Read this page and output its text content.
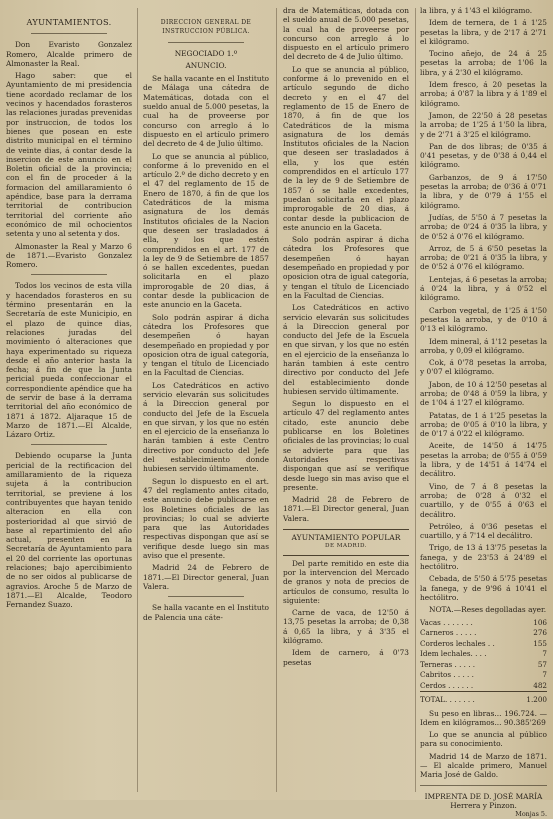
AYUNTAMIENTOS.

Don Evaristo Gonzalez Romero, Alcalde primero de Almonaster la Real.

Hago saber: que el Ayuntamiento de mi presidencia tiene acordado reclamar de los vecinos y hacendados forasteros las relaciones juradas prevenidas por instruccion, de todos los bienes que posean en este distrito municipal en el término de veinte dias, á contar desde la insercion de este anuncio en el Boletin oficial de la provincia; con el fin de proceder á la formacion del amillaramiento ó apéndice, base para la derrama territorial de contribucion territorial del corriente año económico de mil ochocientos setenta y uno al setenta y dos.

Almonaster la Real y Marzo 6 de 1871.—Evaristo Gonzalez Romero.

Todos los vecinos de esta villa y hacendados forasteros en su término presentarán en la Secretaría de este Municipio, en el plazo de quince dias, relaciones juradas del movimiento ó alteraciones que haya experimentado su riqueza desde el año anterior hasta la fecha; á fin de que la Junta pericial pueda confeccionar el correspondiente apéndice que ha de servir de base á la derrama territorial del año económico de 1871 á 1872. Aljaraque 15 de Marzo de 1871.—El Alcalde, Lázaro Ortiz.

Debiendo ocuparse la Junta pericial de la rectificacion del amillaramiento de la riqueza sujeta á la contribucion territorial, se previene á los contribuyentes que hayan tenido alteracion en ella con posterioridad al que sirvió de base al repartimiento del año actual, presenten en la Secretaría de Ayuntamiento para el 20 del corriente las oportunas relaciones; bajo apercibimiento de no ser oidos al publicarse de agravios. Aroche 5 de Marzo de 1871.—El Alcalde, Teodoro Fernandez Suazo.

DIRECCION GENERAL DE INSTRUCCION PÚBLICA.
NEGOCIADO 1.º
ANUNCIO.

Se halla vacante en el Instituto de Málaga una cátedra de Matemáticas, dotada con el sueldo anual de 5.000 pesetas, la cual ha de proveerse por concurso con arreglo á lo dispuesto en el artículo primero del decreto de 4 de Julio último.

Lo que se anuncia al público, conforme á lo prevenido en el artículo 2.º de dicho decreto y en el 47 del reglamento de 15 de Enero de 1870, á fin de que los Catedráticos de la misma asignatura de los demás Institutos oficiales de la Nacion que deseen ser trasladados á ella, y los que estén comprendidos en el art. 177 de la ley de 9 de Setiembre de 1857 ó se hallen excedentes, puedan solicitarla en el plazo improrogable de 20 dias, á contar desde la publicacion de este anuncio en la Gaceta.

Solo podrán aspirar á dicha cátedra los Profesores que desempeñen ó hayan desempeñado en propiedad y por oposicion otra de igual categoría, y tengan el título de Licenciado en la Facultad de Ciencias.

Los Catedráticos en activo servicio elevarán sus solicitudes á la Direccion general por conducto del Jefe de la Escuela en que sirvan, y los que no estén en el ejercicio de la enseñanza lo harán tambien á este Centro directivo por conducto del Jefe del establecimiento donde hubiesen servido últimamente.

Segun lo dispuesto en el art. 47 del reglamento antes citado, este anuncio debe publicarse en los Boletines oficiales de las provincias; lo cual se advierte para que las Autoridades respectivas dispongan que así se verifique desde luego sin mas aviso que el presente.

Madrid 24 de Febrero de 1871.—El Director general, Juan Valera.

Se halla vacante en el Instituto de Palencia una cáte-

dra de Matemáticas, dotada con el sueldo anual de 5.000 pesetas, la cual ha de proveerse por concurso con arreglo á lo dispuesto en el artículo primero del decreto de 4 de Julio último.

Lo que se anuncia al público, conforme á lo prevenido en el artículo segundo de dicho decreto y en el 47 del reglamento de 15 de Enero de 1870, á fin de que los Catedráticos de la misma asignatura de los demás Institutos oficiales de la Nacion que deseen ser trasladados á ella, y los que estén comprendidos en el artículo 177 de la ley de 9 de Setiembre de 1857 ó se halle excedentes, puedan solicitarla en el plazo improrogable de 20 dias, á contar desde la publicacion de este anuncio en la Gaceta.

Solo podrán aspirar á dicha cátedra los Profesores que desempeñen ó hayan desempeñado en propiedad y por oposicion otra de igual categoría, y tengan el título de Licenciado en la Facultad de Ciencias.

Los Catedráticos en activo servicio elevarán sus solicitudes á la Direccion general por conducto del Jefe de la Escuela en que sirvan, y los que no estén en el ejercicio de la enseñanza lo harán tambien á este centro directivo por conducto del Jefe del establecimiento donde hubiesen servido últimamente.

Segun lo dispuesto en el artículo 47 del reglamento antes citado, este anuncio debe publicarse en los Boletines oficiales de las provincias; lo cual se advierte para que las Autoridades respectivas dispongan que así se verifique desde luego sin mas aviso que el presente.

Madrid 28 de Febrero de 1871.—El Director general, Juan Valera.

AYUNTAMIENTO POPULAR
DE MADRID.

Del parte remitido en este dia por la intervencion del Mercado de granos y nota de precios de artículos de consumo, resulta lo siguiente:

Carne de vaca, de 12'50 á 13,75 pesetas la arroba; de 0,38 á 0,65 la libra, y á 3'35 el kilógramo.

Idem de carnero, á 0'73 pesetas

la libra, y á 1'43 el kilógramo.

Idem de ternera, de 1 á 1'25 pesetas la libra, y de 2'17 á 2'71 el kilógramo.

Tocino añejo, de 24 á 25 pesetas la arroba; de 1'06 la libra, y á 2'30 el kilógramo.

Idem fresco, á 20 pesetas la arroba; á 0'87 la libra y á 1'89 el kilógramo.

Jamon, de 22'50 á 28 pesetas la arroba; de 1'25 á 1'50 la libra, y de 2'71 á 3'25 el kilógramo.

Pan de dos libras; de 0'35 á 0'41 pesetas, y de 0'38 á 0,44 el kilógramo.

Garbanzos, de 9 á 17'50 pesetas la arroba; de 0'36 á 0'71 la libra, y de 0'79 á 1'55 el kilógramo.

Judías, de 5'50 á 7 pesetas la arroba; de 0'24 á 0'35 la libra, y de 0'52 á 0'76 el kilógramo.

Arroz, de 5 á 6'50 pesetas la arroba; de 0'21 á 0'35 la libra, y de 0'52 á 0'76 el kilógramo.

Lentejas, á 6 pesetas la arroba; á 0'24 la libra, y á 0'52 el kilógramo.

Carbon vegetal, de 1'25 á 1'50 pesetas la arroba, y de 0'10 á 0'13 el kilógramo.

Idem mineral, á 1'12 pesetas la arroba, y 0,09 el kilógramo.

Cok, á 0'78 pesetas la arroba, y 0'07 el kilógramo.

Jabon, de 10 á 12'50 pesetas al arroba; de 0'48 á 0'59 la libra, y de 1'04 á 1'27 el kilógramo.

Patatas, de 1 á 1'25 pesetas la arroba; de 0'05 á 0'10 la libra, y de 0'17 á 0'22 el kilógramo.

Aceite, de 14'50 á 14'75 pesetas la arroba; de 0'55 á 0'59 la libra, y de 14'51 á 14'74 el decálitro.

Vino, de 7 á 8 pesetas la arroba; de 0'28 á 0'32 el cuartillo, y de 0'55 á 0'63 el decálitro.

Petróleo, á 0'36 pesetas el cuartillo, y á 7'14 el decálitro.

Trigo, de 13 á 13'75 pesetas la fanega, y de 23'53 á 24'89 el hectólitro.

Cebada, de 5'50 á 5'75 pesetas la fanega, y de 9'96 á 10'41 el hectólitro.

NOTA.—Reses degolladas ayer.

Vacas . . . . . . .	106
Carneros . . . . .	276
Corderos lechales . .	155
Idem lechales. . . .	7
Terneras . . . . .	57
Cabritos . . . . .	7
Cerdos . . . . . .	482
TOTAL. . . . . . .	1.200

Su peso en libras... 196.724. — Idem en kilógramos... 90.385'269

Lo que se anuncia al público para su conocimiento.

Madrid 14 de Marzo de 1871. — El alcalde primero, Manuel Maria José de Galdo.

IMPRENTA DE D. JOSÉ MARÍA Herrera y Pinzon.
Monjas 5.
